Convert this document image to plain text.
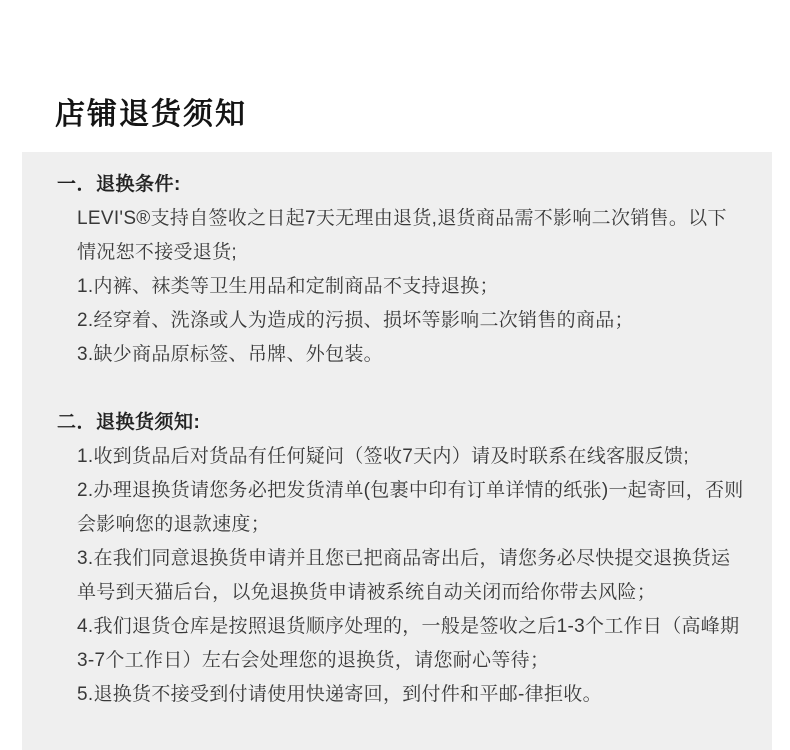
店铺退货须知
一．退换条件:

LEVI'S®支持自签收之日起7天无理由退货,退货商品需不影响二次销售。以下情况恕不接受退货;

1.内裤、袜类等卫生用品和定制商品不支持退换；

2.经穿着、洗涤或人为造成的污损、损坏等影响二次销售的商品；

3.缺少商品原标签、吊牌、外包装。

二．退换货须知:

1.收到货品后对货品有任何疑问（签收7天内）请及时联系在线客服反馈;

2.办理退换货请您务必把发货清单(包裹中印有订单详情的纸张)一起寄回，否则会影响您的退款速度；

3.在我们同意退换货申请并且您已把商品寄出后，请您务必尽快提交退换货运单号到天猫后台，以免退换货申请被系统自动关闭而给你带去风险；

4.我们退货仓库是按照退货顺序处理的，一般是签收之后1-3个工作日（高峰期3-7个工作日）左右会处理您的退换货，请您耐心等待；

5.退换货不接受到付请使用快递寄回，到付件和平邮-律拒收。
